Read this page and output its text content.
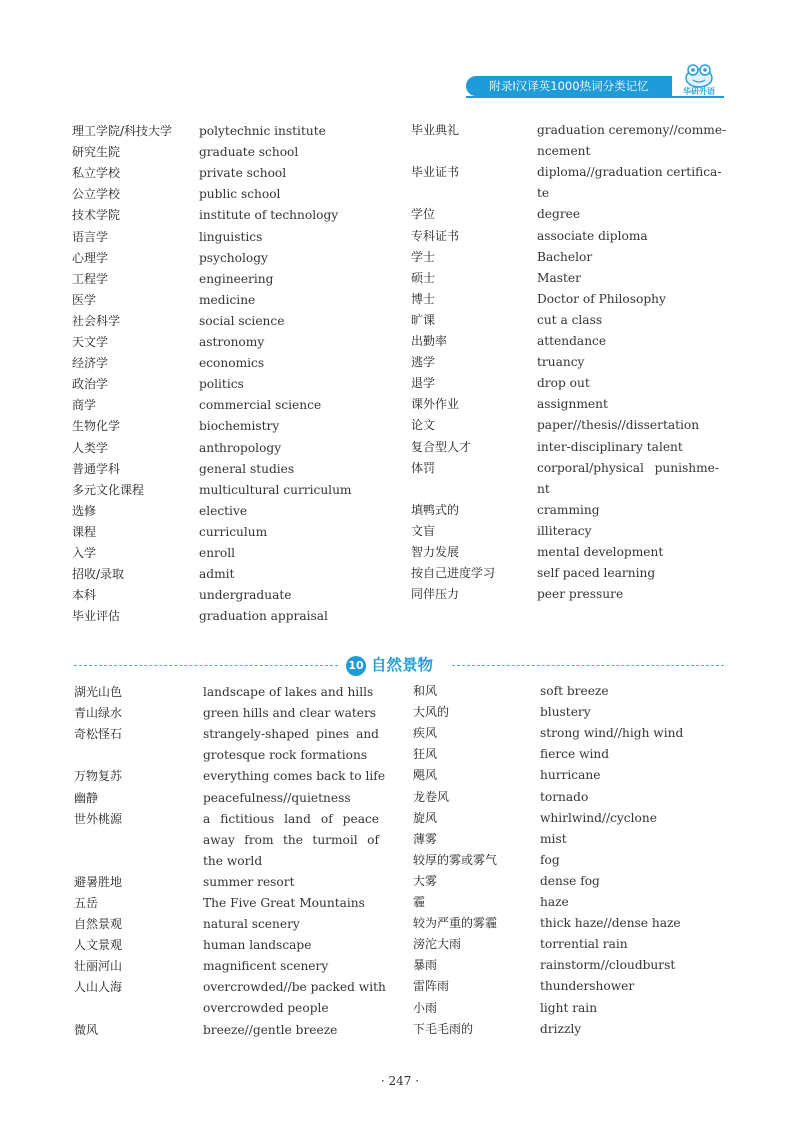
附录Ⅰ汉译英1000热词分类记忆	华研外语
理工学院/科技大学 polytechnic institute
研究生院	graduate school
私立学校	private school
公立学校	public school
技术学院	institute of technology
语言学	linguistics
心理学	psychology
工程学	engineering
医学	medicine
社会科学	social science
天文学	astronomy
经济学	economics
政治学	politics
商学	commercial science
生物化学	biochemistry
人类学	anthropology
普通学科	general studies
多元文化课程	multicultural curriculum
选修	elective
课程	curriculum
入学	enroll
招收/录取	admit
本科	undergraduate
毕业评估	graduation appraisal
毕业典礼	graduation ceremony//comme-
ncement
毕业证书	diploma//graduation certifica-
te
学位	degree
专科证书	associate diploma
学士	Bachelor
硕士	Master
博士	Doctor of Philosophy
旷课	cut a class
出勤率	attendance
逃学	truancy
退学	drop out
课外作业	assignment
论文	paper//thesis//dissertation
复合型人才	inter-disciplinary talent
体罚	corporal/physical punishme-
nt
填鸭式的	cramming
文盲	illiteracy
智力发展	mental development
按自己进度学习	self paced learning
同伴压力	peer pressure
10 自然景物
湖光山色	landscape of lakes and hills
青山绿水	green hills and clear waters
奇松怪石	strangely-shaped pines and
grotesque rock formations
万物复苏	everything comes back to life
幽静	peacefulness//quietness
世外桃源	a fictitious land of peace
away from the turmoil of
the world
避暑胜地	summer resort
五岳	The Five Great Mountains
自然景观	natural scenery
人文景观	human landscape
壮丽河山	magnificent scenery
人山人海	overcrowded//be packed with
overcrowded people
微风	breeze//gentle breeze
和风	soft breeze
大风的	blustery
疾风	strong wind//high wind
狂风	fierce wind
飓风	hurricane
龙卷风	tornado
旋风	whirlwind//cyclone
薄雾	mist
较厚的雾或雾气	fog
大雾	dense fog
霾	haze
较为严重的雾霾	thick haze//dense haze
滂沱大雨	torrential rain
暴雨	rainstorm//cloudburst
雷阵雨	thundershower
小雨	light rain
下毛毛雨的	drizzly
· 247 ·
